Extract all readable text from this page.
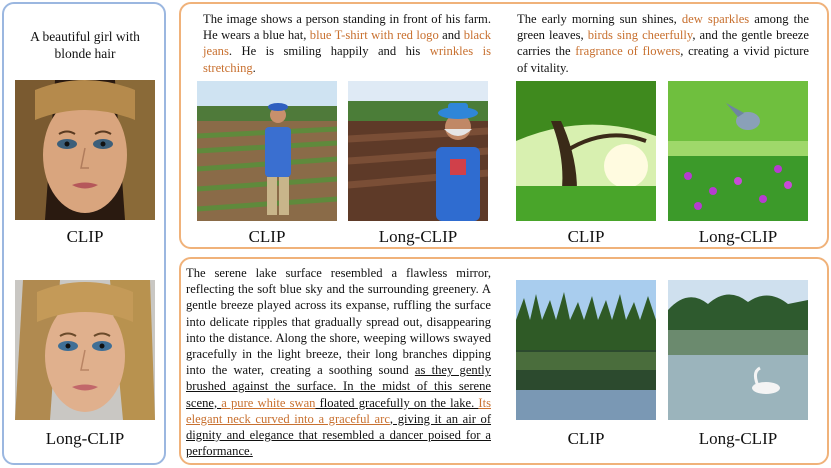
A beautiful girl with blonde hair
CLIP
Long-CLIP
The image shows a person standing in front of his farm. He wears a blue hat, blue T-shirt with red logo and black jeans. He is smiling happily and his wrinkles is stretching.
CLIP	Long-CLIP
The early morning sun shines, dew sparkles among the green leaves, birds sing cheerfully, and the gentle breeze carries the fragrance of flowers, creating a vivid picture of vitality.
CLIP	Long-CLIP
The serene lake surface resembled a flawless mirror, reflecting the soft blue sky and the surrounding greenery. A gentle breeze played across its expanse, ruffling the surface into delicate ripples that gradually spread out, disappearing into the distance. Along the shore, weeping willows swayed gracefully in the light breeze, their long branches dipping into the water, creating a soothing sound as they gently brushed against the surface. In the midst of this serene scene, a pure white swan floated gracefully on the lake. Its elegant neck curved into a graceful arc, giving it an air of dignity and elegance that resembled a dancer poised for a performance.
CLIP	Long-CLIP
